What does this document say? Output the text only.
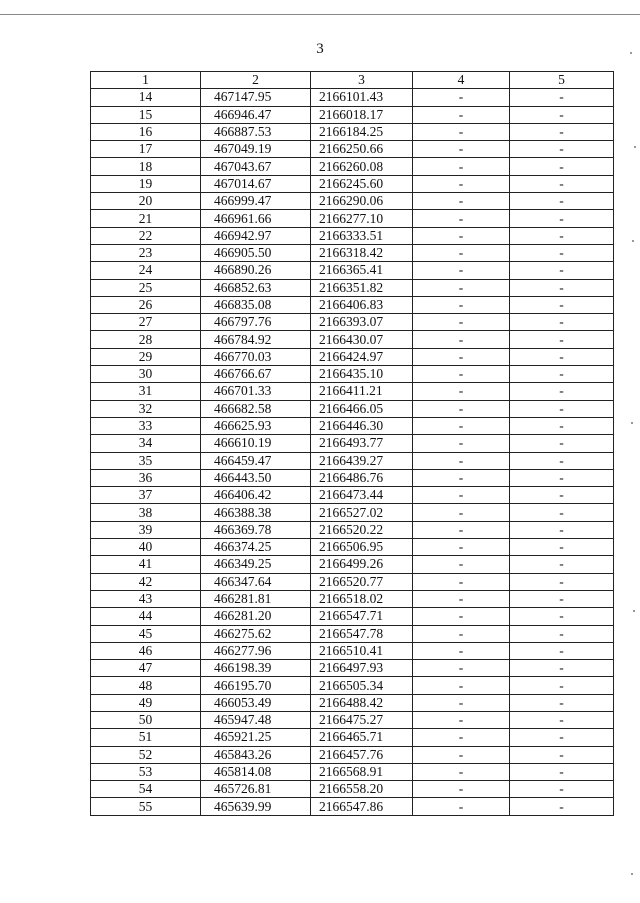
3
1	2	3	4	5
14	467147.95	2166101.43	-	-
15	466946.47	2166018.17	-	-
16	466887.53	2166184.25	-	-
17	467049.19	2166250.66	-	-
18	467043.67	2166260.08	-	-
19	467014.67	2166245.60	-	-
20	466999.47	2166290.06	-	-
21	466961.66	2166277.10	-	-
22	466942.97	2166333.51	-	-
23	466905.50	2166318.42	-	-
24	466890.26	2166365.41	-	-
25	466852.63	2166351.82	-	-
26	466835.08	2166406.83	-	-
27	466797.76	2166393.07	-	-
28	466784.92	2166430.07	-	-
29	466770.03	2166424.97	-	-
30	466766.67	2166435.10	-	-
31	466701.33	2166411.21	-	-
32	466682.58	2166466.05	-	-
33	466625.93	2166446.30	-	-
34	466610.19	2166493.77	-	-
35	466459.47	2166439.27	-	-
36	466443.50	2166486.76	-	-
37	466406.42	2166473.44	-	-
38	466388.38	2166527.02	-	-
39	466369.78	2166520.22	-	-
40	466374.25	2166506.95	-	-
41	466349.25	2166499.26	-	-
42	466347.64	2166520.77	-	-
43	466281.81	2166518.02	-	-
44	466281.20	2166547.71	-	-
45	466275.62	2166547.78	-	-
46	466277.96	2166510.41	-	-
47	466198.39	2166497.93	-	-
48	466195.70	2166505.34	-	-
49	466053.49	2166488.42	-	-
50	465947.48	2166475.27	-	-
51	465921.25	2166465.71	-	-
52	465843.26	2166457.76	-	-
53	465814.08	2166568.91	-	-
54	465726.81	2166558.20	-	-
55	465639.99	2166547.86	-	-
